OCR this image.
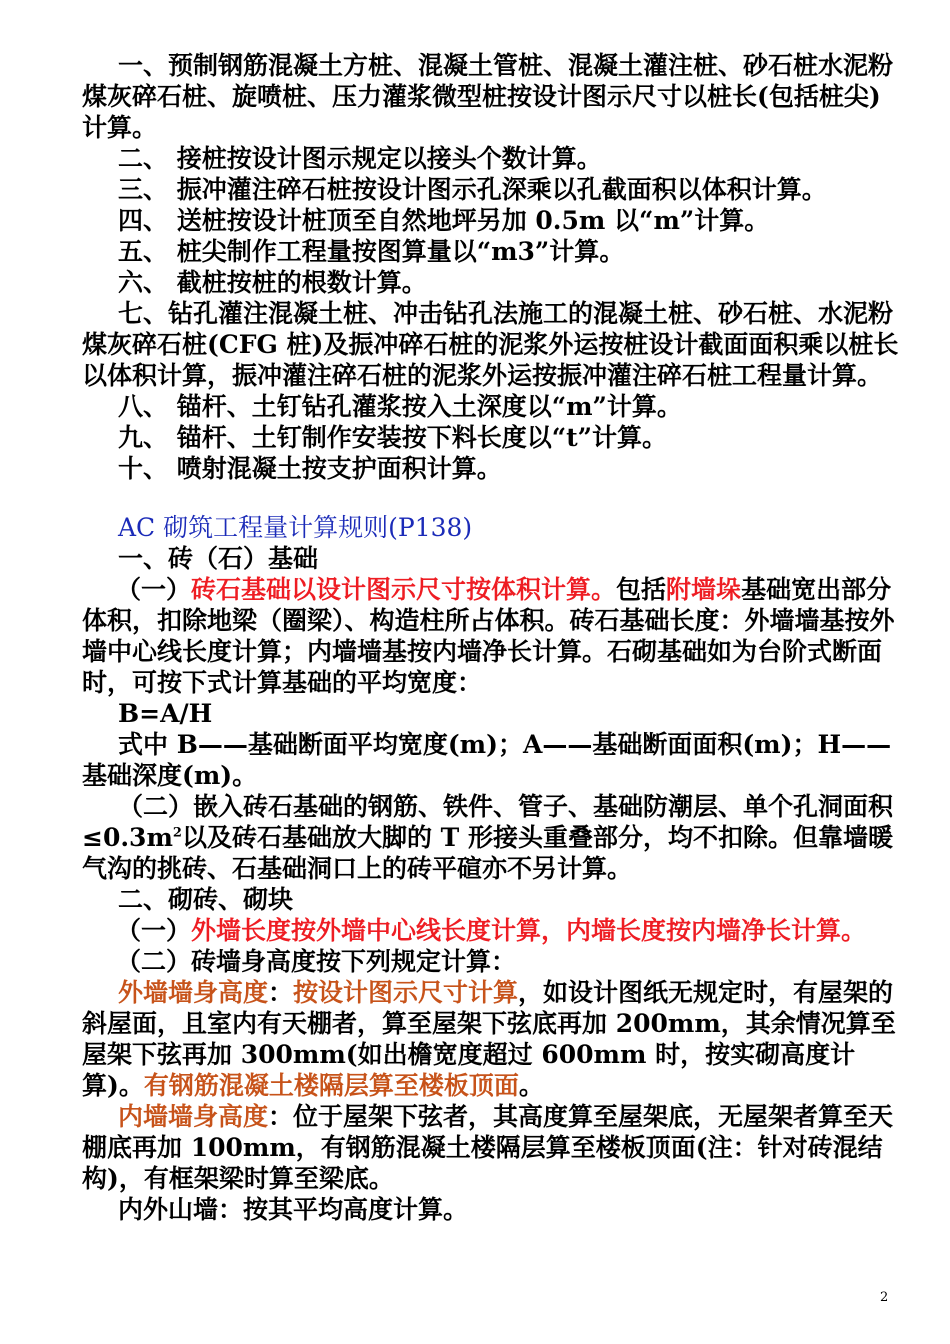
一、预制钢筋混凝土方桩、混凝土管桩、混凝土灌注桩、砂石桩水泥粉煤灰碎石桩、旋喷桩、压力灌浆微型桩按设计图示尺寸以桩长(包括桩尖)计算。

二、 接桩按设计图示规定以接头个数计算。

三、 振冲灌注碎石桩按设计图示孔深乘以孔截面积以体积计算。

四、 送桩按设计桩顶至自然地坪另加 0.5m 以“m”计算。

五、 桩尖制作工程量按图算量以“m3”计算。

六、 截桩按桩的根数计算。

七、钻孔灌注混凝土桩、冲击钻孔法施工的混凝土桩、砂石桩、水泥粉煤灰碎石桩(CFG 桩)及振冲碎石桩的泥浆外运按桩设计截面面积乘以桩长以体积计算，振冲灌注碎石桩的泥浆外运按振冲灌注碎石桩工程量计算。

八、 锚杆、土钉钻孔灌浆按入土深度以“m”计算。

九、 锚杆、土钉制作安装按下料长度以“t”计算。

十、 喷射混凝土按支护面积计算。

AC 砌筑工程量计算规则(P138)

一、砖（石）基础

（一）砖石基础以设计图示尺寸按体积计算。包括附墙垛基础宽出部分体积，扣除地梁（圈梁）、构造柱所占体积。砖石基础长度：外墙墙基按外墙中心线长度计算；内墙墙基按内墙净长计算。石砌基础如为台阶式断面时，可按下式计算基础的平均宽度：

B=A/H

式中 B——基础断面平均宽度(m)；A——基础断面面积(m)；H——基础深度(m)。

（二）嵌入砖石基础的钢筋、铁件、管子、基础防潮层、单个孔洞面积$\le 0.3m^2$以及砖石基础放大脚的 T 形接头重叠部分，均不扣除。但靠墙暖气沟的挑砖、石基础洞口上的砖平碹亦不另计算。

二、砌砖、砌块

（一）外墙长度按外墙中心线长度计算，内墙长度按内墙净长计算。

（二）砖墙身高度按下列规定计算：

外墙墙身高度：按设计图示尺寸计算，如设计图纸无规定时，有屋架的斜屋面，且室内有天棚者，算至屋架下弦底再加 200mm，其余情况算至屋架下弦再加 300mm(如出檐宽度超过 600mm 时，按实砌高度计算)。有钢筋混凝土楼隔层算至楼板顶面。

内墙墙身高度：位于屋架下弦者，其高度算至屋架底，无屋架者算至天棚底再加 100mm，有钢筋混凝土楼隔层算至楼板顶面(注：针对砖混结构)，有框架梁时算至梁底。

内外山墙：按其平均高度计算。

2
